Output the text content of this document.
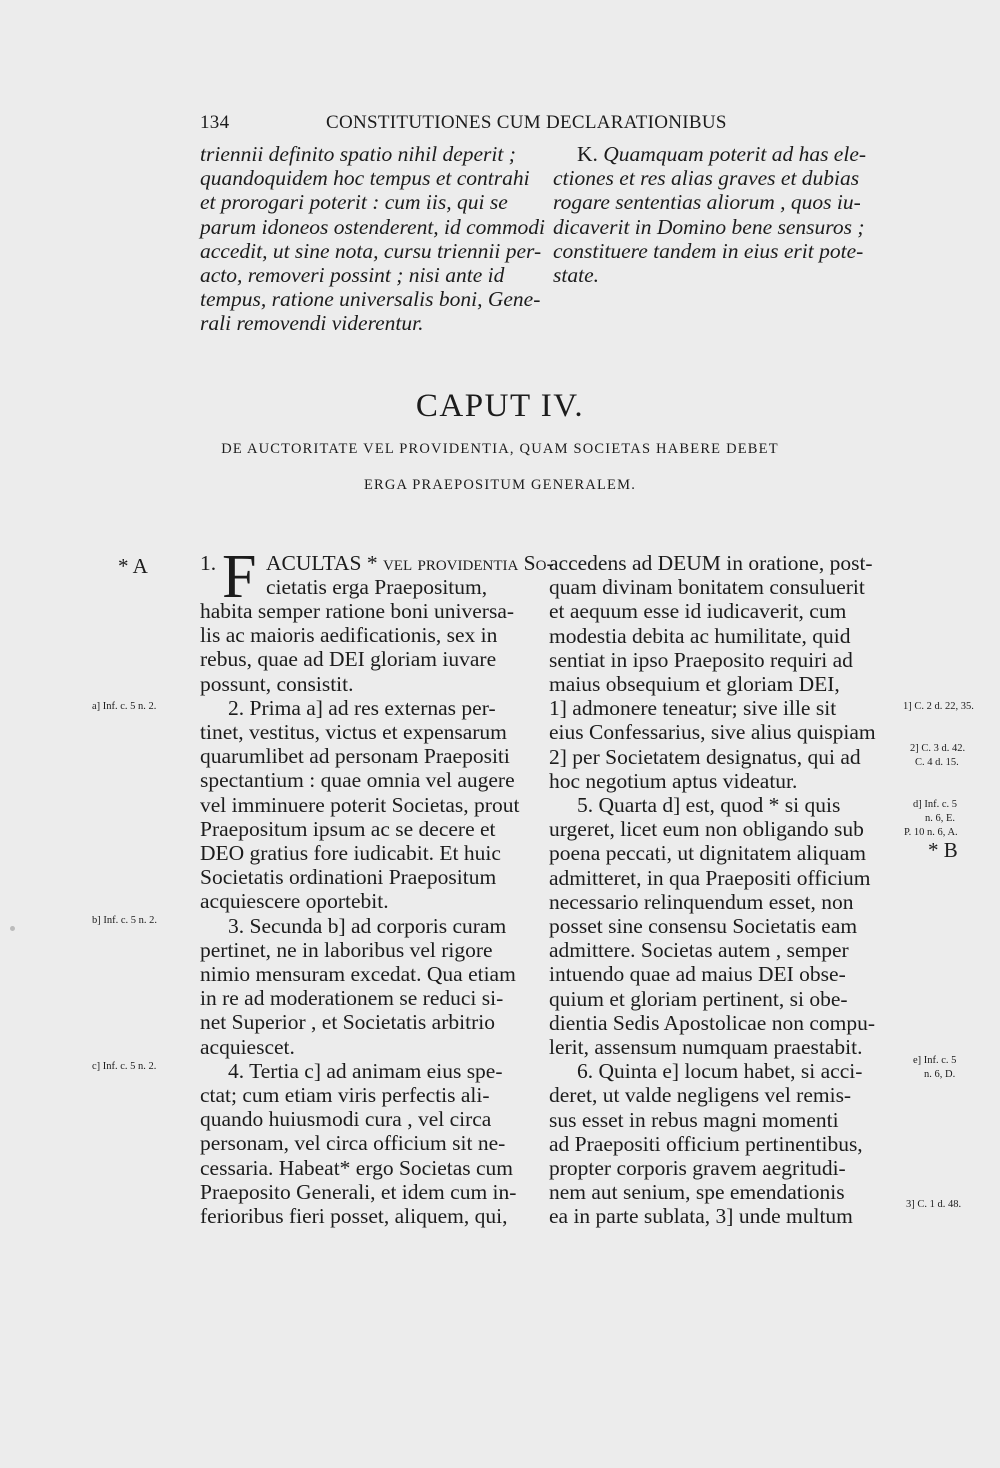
134	CONSTITUTIONES CUM DECLARATIONIBUS
triennii definito spatio nihil deperit ;
quandoquidem hoc tempus et contrahi
et prorogari poterit : cum iis, qui se
parum idoneos ostenderent, id commodi
accedit, ut sine nota, cursu triennii per-
acto, removeri possint ; nisi ante id
tempus, ratione universalis boni, Gene-
rali removendi viderentur.
K. Quamquam poterit ad has ele-
ctiones et res alias graves et dubias
rogare sententias aliorum , quos iu-
dicaverit in Domino bene sensuros ;
constituere tandem in eius erit pote-
state.
CAPUT IV.
DE AUCTORITATE VEL PROVIDENTIA, QUAM SOCIETAS HABERE DEBET
ERGA PRAEPOSITUM GENERALEM.
* A
a] Inf. c. 5 n. 2.
b] Inf. c. 5 n. 2.
c] Inf. c. 5 n. 2.
1] C. 2 d. 22, 35.
2] C. 3 d. 42.
C. 4 d. 15.
d] Inf. c. 5
n. 6, E.
P. 10 n. 6, A.
* B
e] Inf. c. 5
n. 6, D.
3] C. 1 d. 48.
1. F ACULTAS * vel providentia So-
cietatis erga Praepositum,
habita semper ratione boni universa-
lis ac maioris aedificationis, sex in
rebus, quae ad DEI gloriam iuvare
possunt, consistit.
2. Prima a] ad res externas per-
tinet, vestitus, victus et expensarum
quarumlibet ad personam Praepositi
spectantium : quae omnia vel augere
vel imminuere poterit Societas, prout
Praepositum ipsum ac se decere et
DEO gratius fore iudicabit. Et huic
Societatis ordinationi Praepositum
acquiescere oportebit.
3. Secunda b] ad corporis curam
pertinet, ne in laboribus vel rigore
nimio mensuram excedat. Qua etiam
in re ad moderationem se reduci si-
net Superior , et Societatis arbitrio
acquiescet.
4. Tertia c] ad animam eius spe-
ctat; cum etiam viris perfectis ali-
quando huiusmodi cura , vel circa
personam, vel circa officium sit ne-
cessaria. Habeat* ergo Societas cum
Praeposito Generali, et idem cum in-
ferioribus fieri posset, aliquem, qui,
accedens ad DEUM in oratione, post-
quam divinam bonitatem consuluerit
et aequum esse id iudicaverit, cum
modestia debita ac humilitate, quid
sentiat in ipso Praeposito requiri ad
maius obsequium et gloriam DEI,
1] admonere teneatur; sive ille sit
eius Confessarius, sive alius quispiam
2] per Societatem designatus, qui ad
hoc negotium aptus videatur.
5. Quarta d] est, quod * si quis
urgeret, licet eum non obligando sub
poena peccati, ut dignitatem aliquam
admitteret, in qua Praepositi officium
necessario relinquendum esset, non
posset sine consensu Societatis eam
admittere. Societas autem , semper
intuendo quae ad maius DEI obse-
quium et gloriam pertinent, si obe-
dientia Sedis Apostolicae non compu-
lerit, assensum numquam praestabit.
6. Quinta e] locum habet, si acci-
deret, ut valde negligens vel remis-
sus esset in rebus magni momenti
ad Praepositi officium pertinentibus,
propter corporis gravem aegritudi-
nem aut senium, spe emendationis
ea in parte sublata, 3] unde multum
